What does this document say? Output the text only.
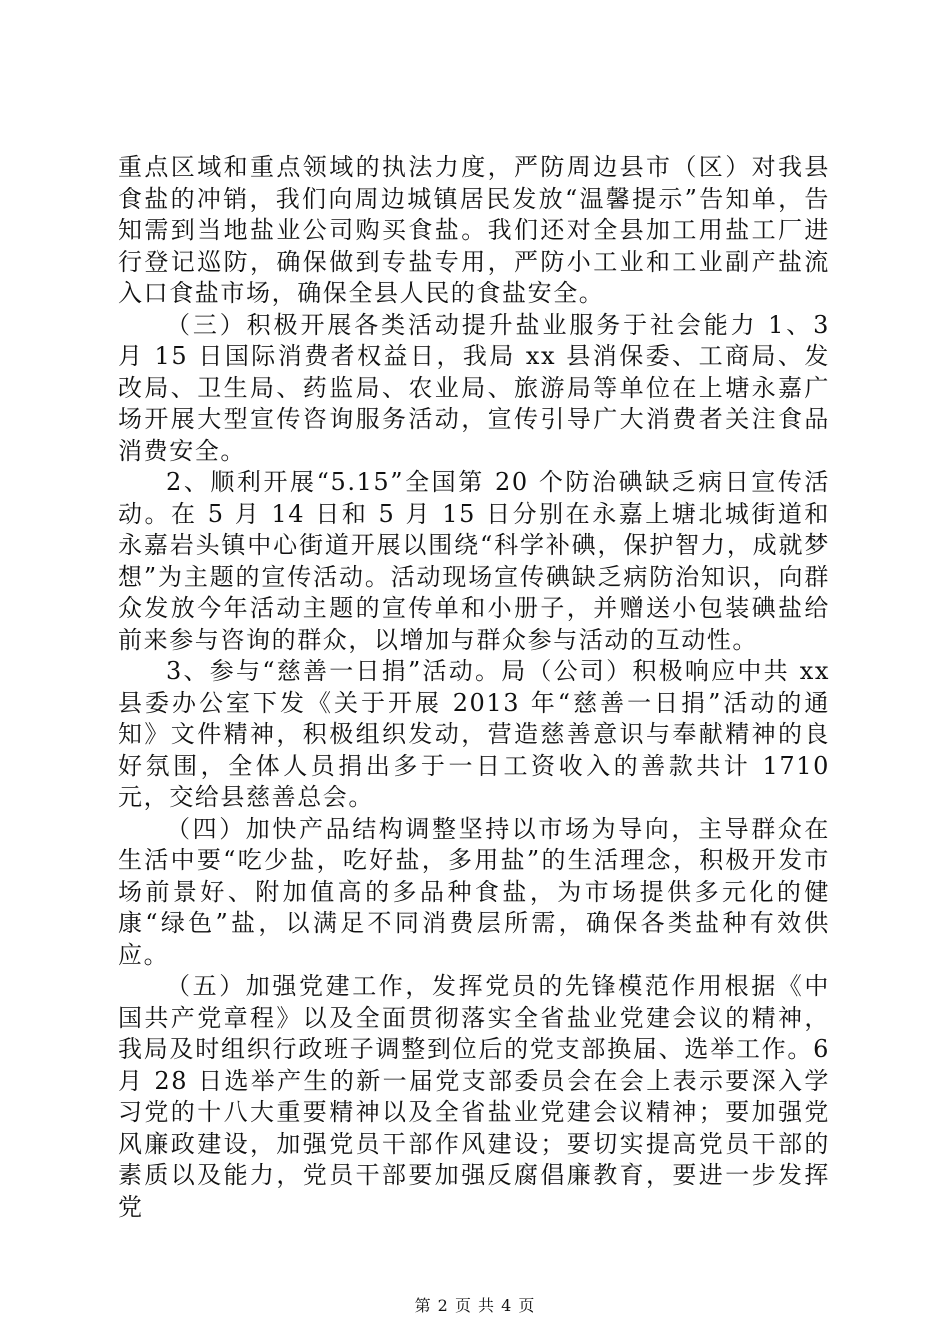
重点区域和重点领域的执法力度，严防周边县市（区）对我县食盐的冲销，我们向周边城镇居民发放“温馨提示”告知单，告知需到当地盐业公司购买食盐。我们还对全县加工用盐工厂进行登记巡防，确保做到专盐专用，严防小工业和工业副产盐流入口食盐市场，确保全县人民的食盐安全。

（三）积极开展各类活动提升盐业服务于社会能力 1、3 月 15 日国际消费者权益日，我局 xx 县消保委、工商局、发改局、卫生局、药监局、农业局、旅游局等单位在上塘永嘉广场开展大型宣传咨询服务活动，宣传引导广大消费者关注食品消费安全。

2、顺利开展“5.15”全国第 20 个防治碘缺乏病日宣传活动。在 5 月 14 日和 5 月 15 日分别在永嘉上塘北城街道和永嘉岩头镇中心街道开展以围绕“科学补碘，保护智力，成就梦想”为主题的宣传活动。活动现场宣传碘缺乏病防治知识，向群众发放今年活动主题的宣传单和小册子，并赠送小包装碘盐给前来参与咨询的群众，以增加与群众参与活动的互动性。

3、参与“慈善一日捐”活动。局（公司）积极响应中共 xx 县委办公室下发《关于开展 2013 年“慈善一日捐”活动的通知》文件精神，积极组织发动，营造慈善意识与奉献精神的良好氛围，全体人员捐出多于一日工资收入的善款共计 1710 元，交给县慈善总会。

（四）加快产品结构调整坚持以市场为导向，主导群众在生活中要“吃少盐，吃好盐，多用盐”的生活理念，积极开发市场前景好、附加值高的多品种食盐，为市场提供多元化的健康“绿色”盐，以满足不同消费层所需，确保各类盐种有效供应。

（五）加强党建工作，发挥党员的先锋模范作用根据《中国共产党章程》以及全面贯彻落实全省盐业党建会议的精神，我局及时组织行政班子调整到位后的党支部换届、选举工作。6 月 28 日选举产生的新一届党支部委员会在会上表示要深入学习党的十八大重要精神以及全省盐业党建会议精神；要加强党风廉政建设，加强党员干部作风建设；要切实提高党员干部的素质以及能力，党员干部要加强反腐倡廉教育，要进一步发挥党

第 2 页 共 4 页
